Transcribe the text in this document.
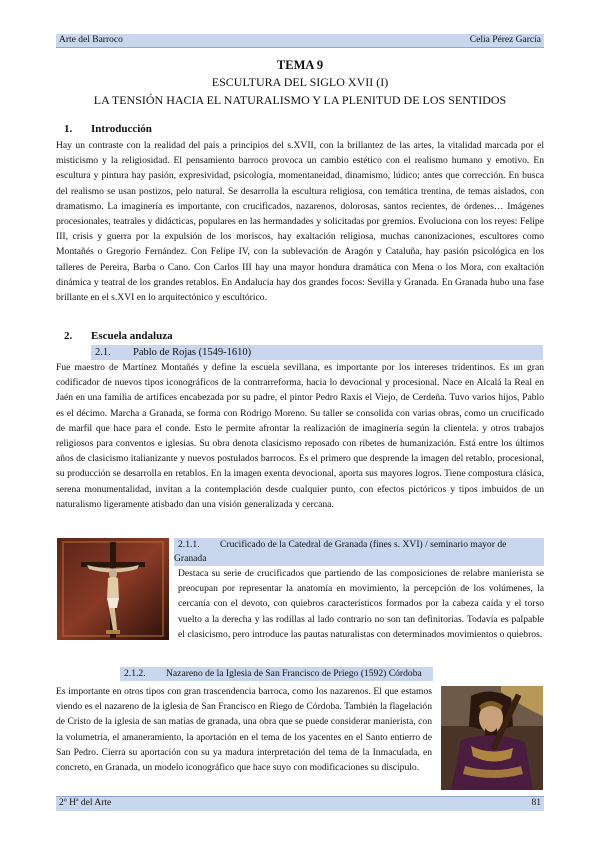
Arte del Barroco	Celia Pérez García
TEMA 9
ESCULTURA DEL SIGLO XVII (I)
LA TENSIÓN HACIA EL NATURALISMO Y LA PLENITUD DE LOS SENTIDOS
1. Introducción

Hay un contraste con la realidad del país a principios del s.XVII, con la brillantez de las artes, la vitalidad marcada por el misticismo y la religiosidad. El pensamiento barroco provoca un cambio estético con el realismo humano y emotivo. En escultura y pintura hay pasión, expresividad, psicología, momentaneidad, dinamismo, lúdico; antes que corrección. En busca del realismo se usan postizos, pelo natural. Se desarrolla la escultura religiosa, con temática trentina, de temas aislados, con dramatismo. La imaginería es importante, con crucificados, nazarenos, dolorosas, santos recientes, de órdenes… Imágenes procesionales, teatrales y didácticas, populares en las hermandades y solicitadas por gremios. Evoluciona con los reyes: Felipe III, crisis y guerra por la expulsión de los moriscos, hay exaltación religiosa, muchas canonizaciones, escultores como Montañés o Gregorio Fernández. Con Felipe IV, con la sublevación de Aragón y Cataluña, hay pasión psicológica en los talleres de Pereira, Barba o Cano. Con Carlos III hay una mayor hondura dramática con Mena o los Mora, con exaltación dinámica y teatral de los grandes retablos. En Andalucía hay dos grandes focos: Sevilla y Granada. En Granada hubo una fase brillante en el s.XVI en lo arquitectónico y escultórico.

2. Escuela andaluza
2.1. Pablo de Rojas (1549-1610)

Fue maestro de Martínez Montañés y define la escuela sevillana, es importante por los intereses tridentinos. Es un gran codificador de nuevos tipos iconográficos de la contrarreforma, hacia lo devocional y procesional. Nace en Alcalá la Real en Jaén en una familia de artífices encabezada por su padre, el pintor Pedro Raxis el Viejo, de Cerdeña. Tuvo varios hijos, Pablo es el décimo. Marcha a Granada, se forma con Rodrigo Moreno. Su taller se consolida con varias obras, como un crucificado de marfil que hace para el conde. Esto le permite afrontar la realización de imaginería según la clientela. y otros trabajos religiosos para conventos e iglesias. Su obra denota clasicismo reposado con ribetes de humanización. Está entre los últimos años de clasicismo italianizante y nuevos postulados barrocos. Es el primero que desprende la imagen del retablo, procesional, su producción se desarrolla en retablos. En la imagen exenta devocional, aporta sus mayores logros. Tiene compostura clásica, serena monumentalidad, invitan a la contemplación desde cualquier punto, con efectos pictóricos y tipos imbuidos de un naturalismo ligeramente atisbado dan una visión generalizada y cercana.

2.1.1. Crucificado de la Catedral de Granada (fines s. XVI) / seminario mayor de Granada

Destaca su serie de crucificados que partiendo de las composiciones de relabre manierista se preocupan por representar la anatomía en movimiento, la percepción de los volúmenes, la cercanía con el devoto, con quiebros característicos formados por la cabeza caída y el torso vuelto a la derecha y las rodillas al lado contrario no son tan definitorias. Todavía es palpable el clasicismo, pero introduce las pautas naturalistas con determinados movimientos o quiebros.

2.1.2. Nazareno de la Iglesia de San Francisco de Priego (1592) Córdoba

Es importante en otros tipos con gran trascendencia barroca, como los nazarenos. El que estamos viendo es el nazareno de la iglesia de San Francisco en Riego de Córdoba. También la flagelación de Cristo de la iglesia de san matías de granada, una obra que se puede considerar manierista, con la volumetría, el amaneramiento, la aportación en el tema de los yacentes en el Santo entierro de San Pedro. Cierra su aportación con su ya madura interpretación del tema de la Inmaculada, en concreto, en Granada, un modelo iconográfico que hace suyo con modificaciones su discípulo.

2º Hª del Arte	81
